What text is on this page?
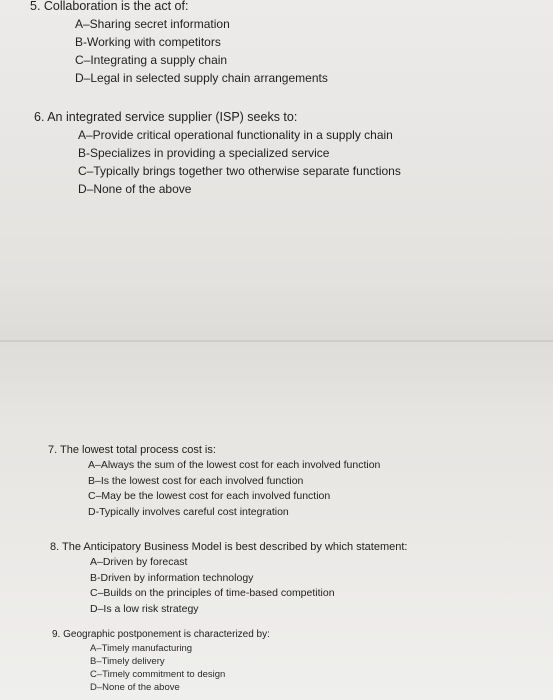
5. Collaboration is the act of:
A–Sharing secret information
B-Working with competitors
C–Integrating a supply chain
D–Legal in selected supply chain arrangements
6. An integrated service supplier (ISP) seeks to:
A–Provide critical operational functionality in a supply chain
B-Specializes in providing a specialized service
C–Typically brings together two otherwise separate functions
D–None of the above
7. The lowest total process cost is:
A–Always the sum of the lowest cost for each involved function
B–Is the lowest cost for each involved function
C–May be the lowest cost for each involved function
D-Typically involves careful cost integration
8. The Anticipatory Business Model is best described by which statement:
A–Driven by forecast
B-Driven by information technology
C–Builds on the principles of time-based competition
D–Is a low risk strategy
9. Geographic postponement is characterized by:
A–Timely manufacturing
B–Timely delivery
C–Timely commitment to design
D–None of the above
